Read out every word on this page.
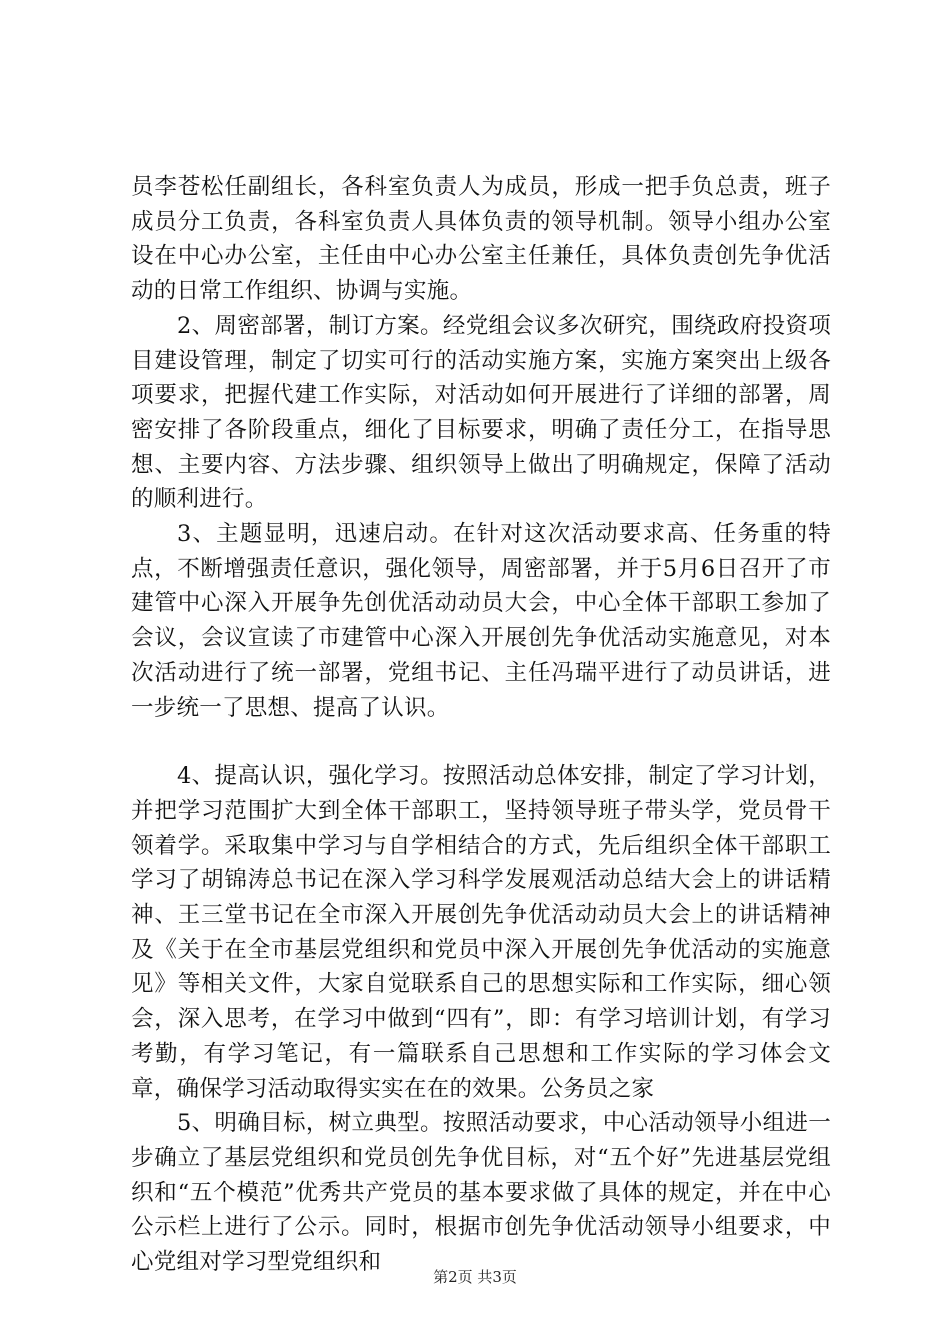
员李苍松任副组长，各科室负责人为成员，形成一把手负总责，班子成员分工负责，各科室负责人具体负责的领导机制。领导小组办公室设在中心办公室，主任由中心办公室主任兼任，具体负责创先争优活动的日常工作组织、协调与实施。

2、周密部署，制订方案。经党组会议多次研究，围绕政府投资项目建设管理，制定了切实可行的活动实施方案，实施方案突出上级各项要求，把握代建工作实际，对活动如何开展进行了详细的部署，周密安排了各阶段重点，细化了目标要求，明确了责任分工，在指导思想、主要内容、方法步骤、组织领导上做出了明确规定，保障了活动的顺利进行。

3、主题显明，迅速启动。在针对这次活动要求高、任务重的特点，不断增强责任意识，强化领导，周密部署，并于5月6日召开了市建管中心深入开展争先创优活动动员大会，中心全体干部职工参加了会议，会议宣读了市建管中心深入开展创先争优活动实施意见，对本次活动进行了统一部署，党组书记、主任冯瑞平进行了动员讲话，进一步统一了思想、提高了认识。

4、提高认识，强化学习。按照活动总体安排，制定了学习计划，并把学习范围扩大到全体干部职工，坚持领导班子带头学，党员骨干领着学。采取集中学习与自学相结合的方式，先后组织全体干部职工学习了胡锦涛总书记在深入学习科学发展观活动总结大会上的讲话精神、王三堂书记在全市深入开展创先争优活动动员大会上的讲话精神及《关于在全市基层党组织和党员中深入开展创先争优活动的实施意见》等相关文件，大家自觉联系自己的思想实际和工作实际，细心领会，深入思考，在学习中做到“四有”，即：有学习培训计划，有学习考勤，有学习笔记，有一篇联系自己思想和工作实际的学习体会文章，确保学习活动取得实实在在的效果。公务员之家

5、明确目标，树立典型。按照活动要求，中心活动领导小组进一步确立了基层党组织和党员创先争优目标，对“五个好”先进基层党组织和“五个模范”优秀共产党员的基本要求做了具体的规定，并在中心公示栏上进行了公示。同时，根据市创先争优活动领导小组要求，中心党组对学习型党组织和

第2页 共3页
